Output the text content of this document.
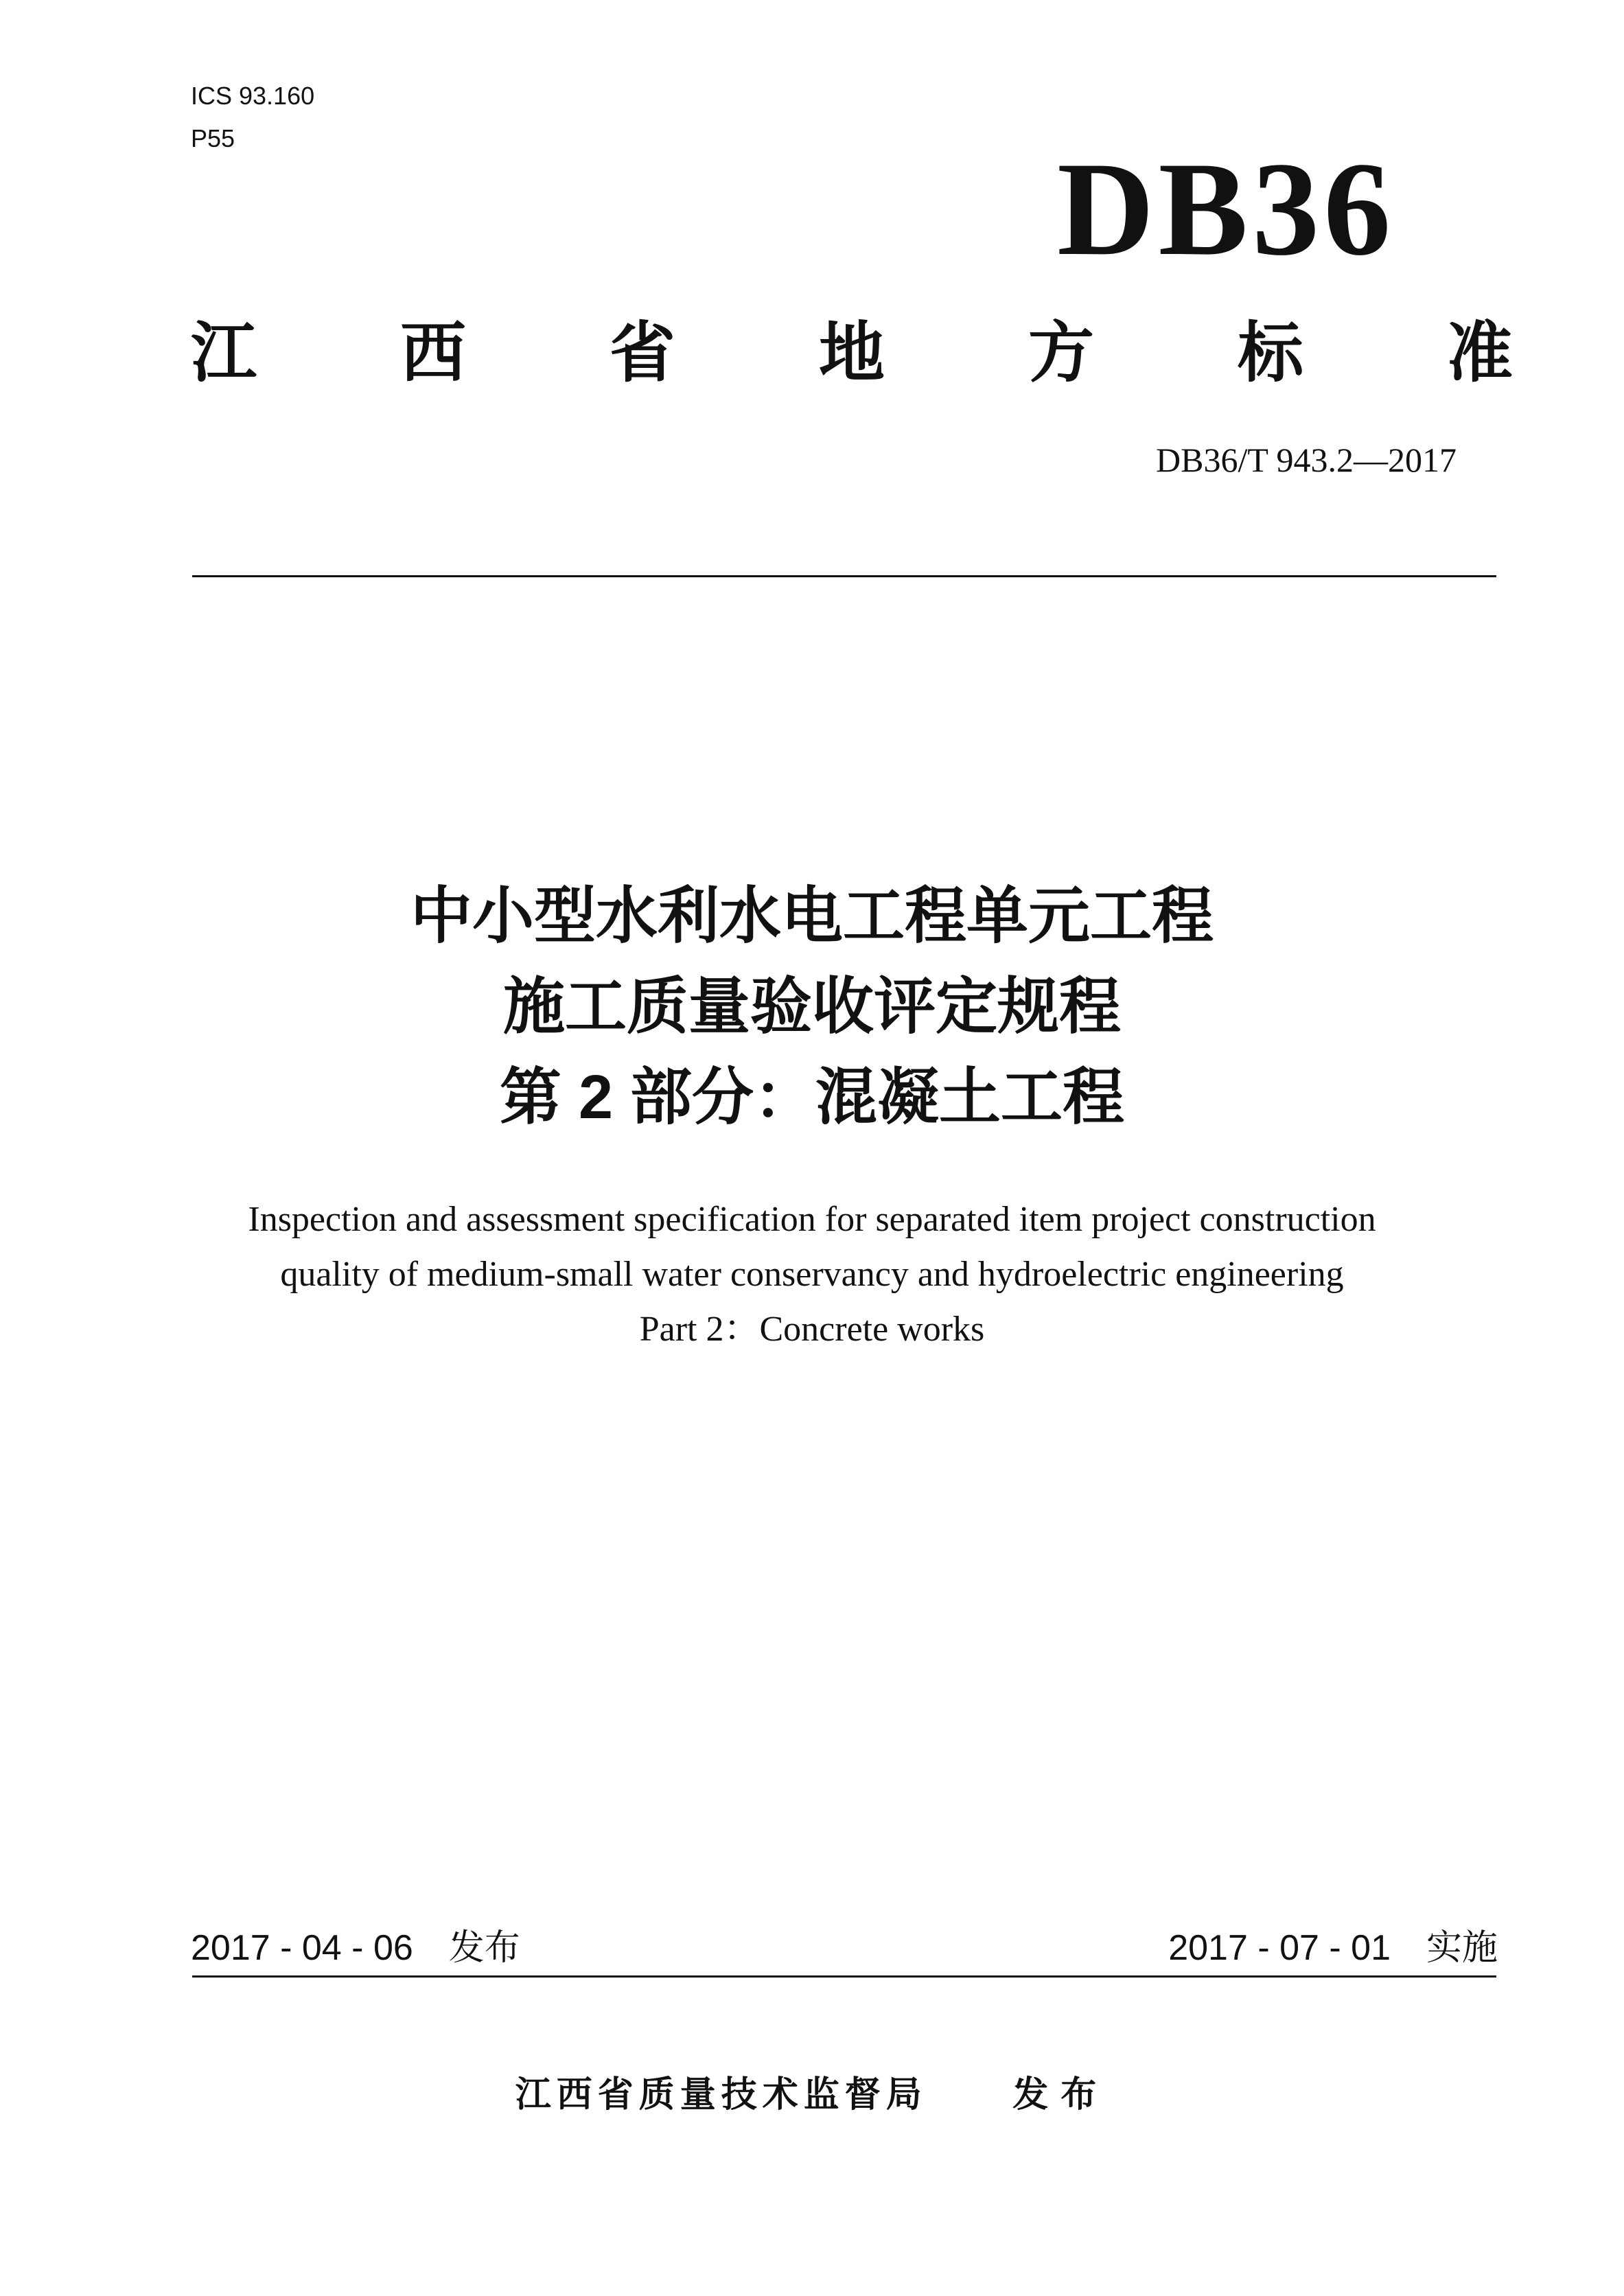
ICS 93.160
P55	DB36
江 西 省 地 方 标 准
DB36/T 943.2—2017
中小型水利水电工程单元工程
施工质量验收评定规程
第 2 部分：混凝土工程
Inspection and assessment specification for separated item project construction
quality of medium-small water conservancy and hydroelectric engineering
Part 2：Concrete works
2017 - 04 - 06　发布	2017 - 07 - 01　实施
江西省质量技术监督局 发布
